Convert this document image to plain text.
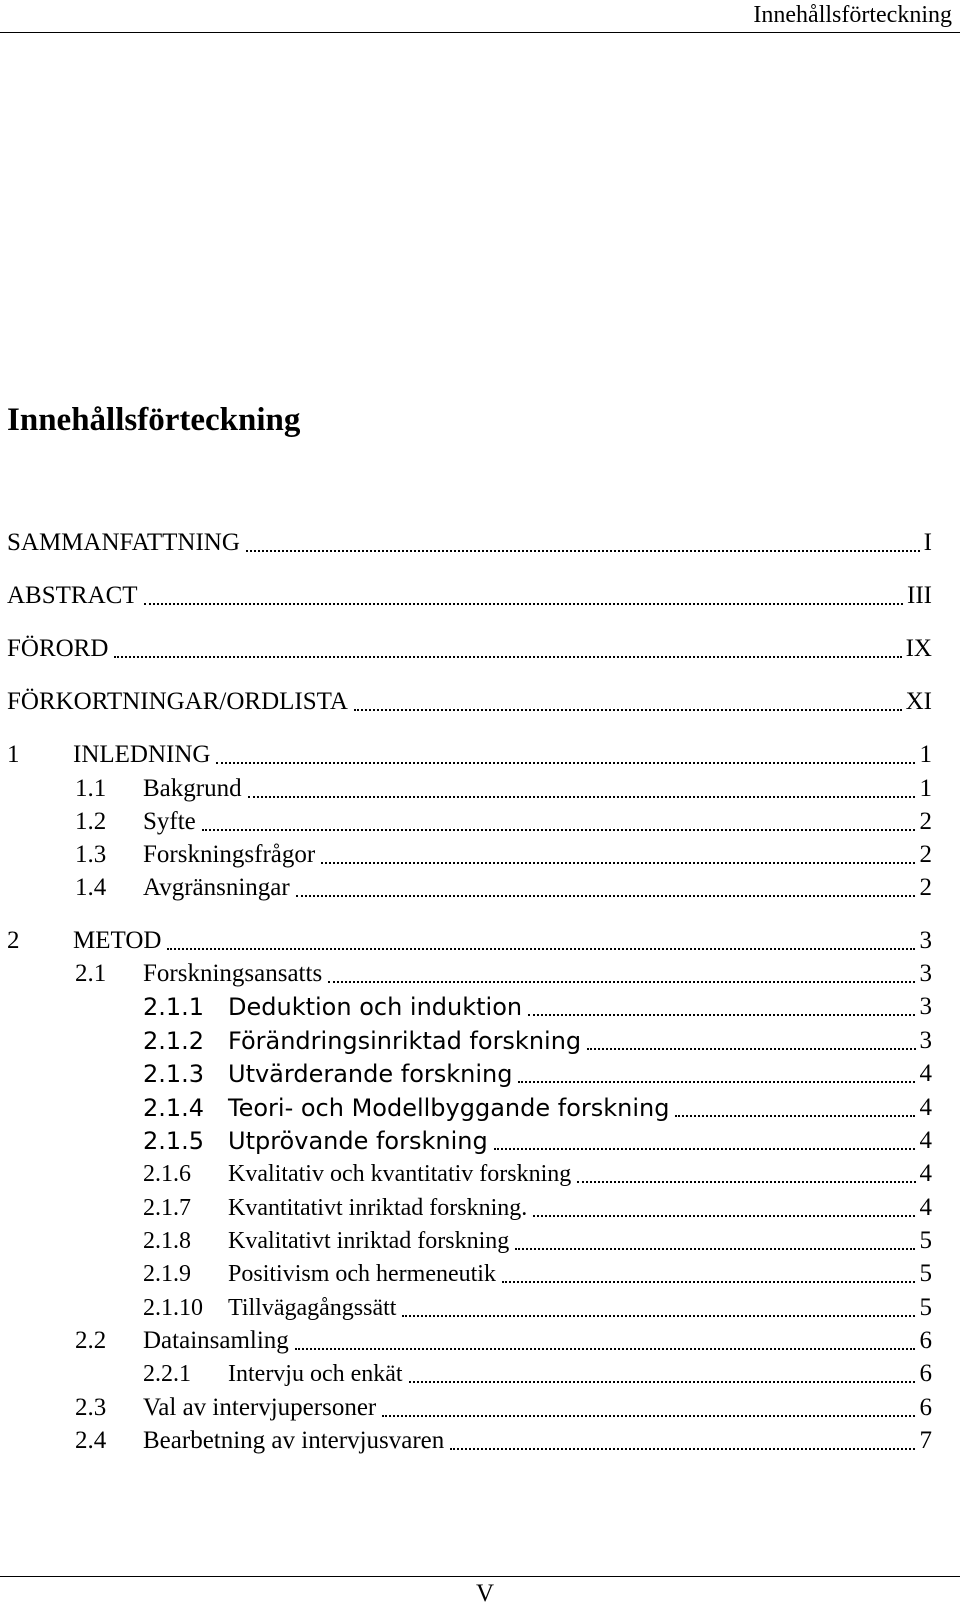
Innehållsförteckning
Innehållsförteckning
SAMMANFATTNING	I
ABSTRACT	III
FÖRORD	IX
FÖRKORTNINGAR/ORDLISTA	XI
1 INLEDNING	1
1.1 Bakgrund	1
1.2 Syfte	2
1.3 Forskningsfrågor	2
1.4 Avgränsningar	2
2 METOD	3
2.1 Forskningsansatts	3
2.1.1 Deduktion och induktion	3
2.1.2 Förändringsinriktad forskning	3
2.1.3 Utvärderande forskning	4
2.1.4 Teori- och Modellbyggande forskning	4
2.1.5 Utprövande forskning	4
2.1.6 Kvalitativ och kvantitativ forskning	4
2.1.7 Kvantitativt inriktad forskning.	4
2.1.8 Kvalitativt inriktad forskning	5
2.1.9 Positivism och hermeneutik	5
2.1.10 Tillvägagångssätt	5
2.2 Datainsamling	6
2.2.1 Intervju och enkät	6
2.3 Val av intervjupersoner	6
2.4 Bearbetning av intervjusvaren	7
V
